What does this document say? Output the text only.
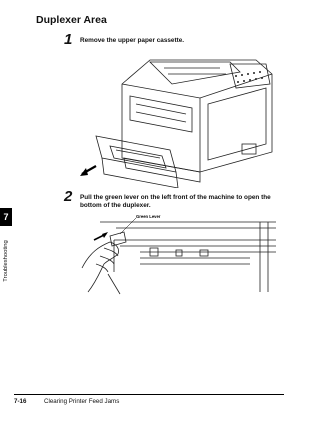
Duplexer Area
1 Remove the upper paper cassette.
2 Pull the green lever on the left front of the machine to open the bottom of the duplexer.
Green Lever
7
Troubleshooting
7-16	Clearing Printer Feed Jams
